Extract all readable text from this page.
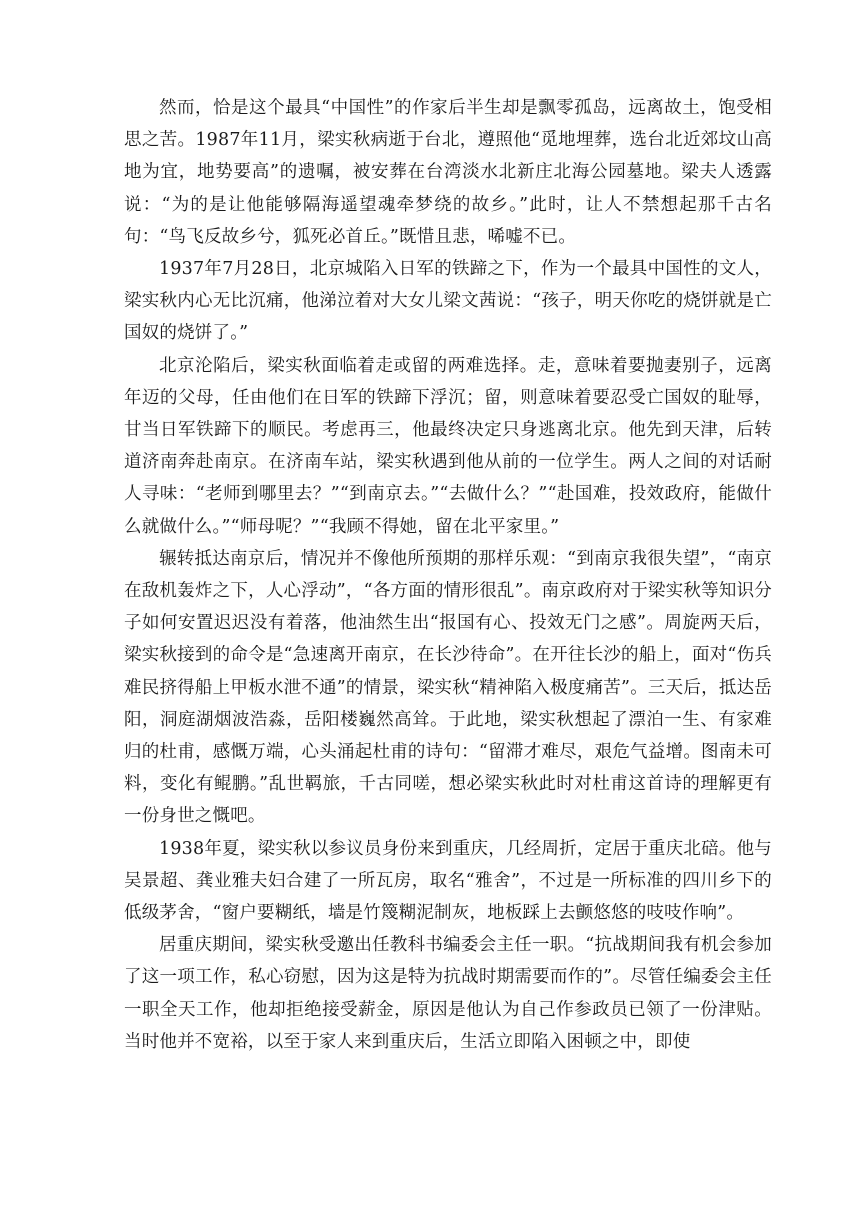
然而，恰是这个最具“中国性”的作家后半生却是飘零孤岛，远离故土，饱受相思之苦。1987年11月，梁实秋病逝于台北，遵照他“觅地埋葬，选台北近郊坟山高地为宜，地势要高”的遗嘱，被安葬在台湾淡水北新庄北海公园墓地。梁夫人透露说：“为的是让他能够隔海遥望魂牵梦绕的故乡。”此时，让人不禁想起那千古名句：“鸟飞反故乡兮，狐死必首丘。”既惜且悲，唏嘘不已。

1937年7月28日，北京城陷入日军的铁蹄之下，作为一个最具中国性的文人，梁实秋内心无比沉痛，他涕泣着对大女儿梁文茜说：“孩子，明天你吃的烧饼就是亡国奴的烧饼了。”

北京沦陷后，梁实秋面临着走或留的两难选择。走，意味着要抛妻别子，远离年迈的父母，任由他们在日军的铁蹄下浮沉；留，则意味着要忍受亡国奴的耻辱，甘当日军铁蹄下的顺民。考虑再三，他最终决定只身逃离北京。他先到天津，后转道济南奔赴南京。在济南车站，梁实秋遇到他从前的一位学生。两人之间的对话耐人寻味：“老师到哪里去？”“到南京去。”“去做什么？”“赴国难，投效政府，能做什么就做什么。”“师母呢？”“我顾不得她，留在北平家里。”

辗转抵达南京后，情况并不像他所预期的那样乐观：“到南京我很失望”，“南京在敌机轰炸之下，人心浮动”，“各方面的情形很乱”。南京政府对于梁实秋等知识分子如何安置迟迟没有着落，他油然生出“报国有心、投效无门之感”。周旋两天后，梁实秋接到的命令是“急速离开南京，在长沙待命”。在开往长沙的船上，面对“伤兵难民挤得船上甲板水泄不通”的情景，梁实秋“精神陷入极度痛苦”。三天后，抵达岳阳，洞庭湖烟波浩淼，岳阳楼巍然高耸。于此地，梁实秋想起了漂泊一生、有家难归的杜甫，感慨万端，心头涌起杜甫的诗句：“留滞才难尽，艰危气益增。图南未可料，变化有鲲鹏。”乱世羁旅，千古同嗟，想必梁实秋此时对杜甫这首诗的理解更有一份身世之慨吧。

1938年夏，梁实秋以参议员身份来到重庆，几经周折，定居于重庆北碚。他与吴景超、龚业雅夫妇合建了一所瓦房，取名“雅舍”，不过是一所标准的四川乡下的低级茅舍，“窗户要糊纸，墙是竹篾糊泥制灰，地板踩上去颤悠悠的吱吱作响”。

居重庆期间，梁实秋受邀出任教科书编委会主任一职。“抗战期间我有机会参加了这一项工作，私心窃慰，因为这是特为抗战时期需要而作的”。尽管任编委会主任一职全天工作，他却拒绝接受薪金，原因是他认为自己作参政员已领了一份津贴。当时他并不宽裕，以至于家人来到重庆后，生活立即陷入困顿之中，即使
